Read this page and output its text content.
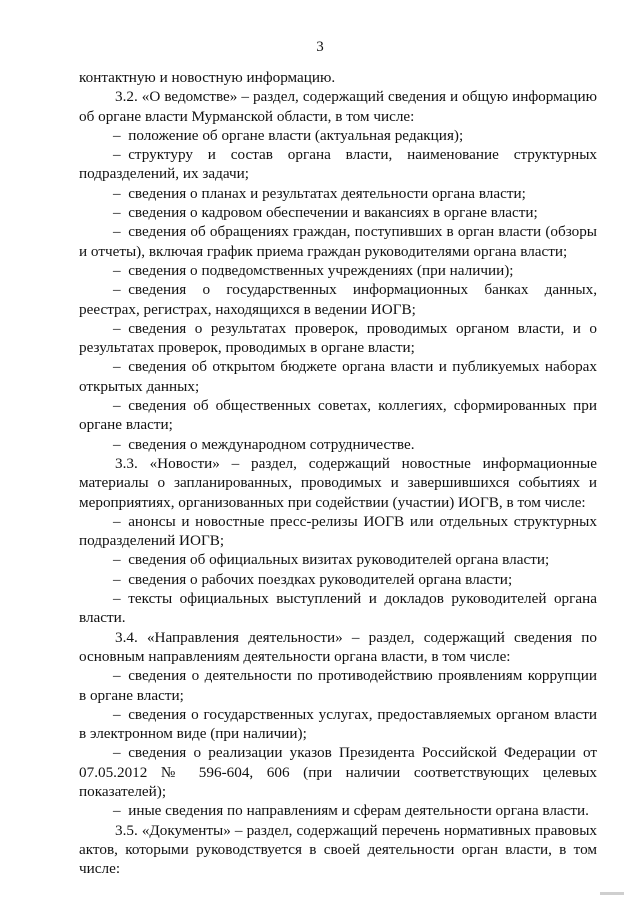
3

контактную и новостную информацию.

3.2. «О ведомстве» – раздел, содержащий сведения и общую информацию об органе власти Мурманской области, в том числе:

–  положение об органе власти (актуальная редакция);

–  структуру и состав органа власти, наименование структурных подразделений, их задачи;

–  сведения о планах и результатах деятельности органа власти;

–  сведения о кадровом обеспечении и вакансиях в органе власти;

–  сведения об обращениях граждан, поступивших в орган власти (обзоры и отчеты), включая график приема граждан руководителями органа власти;

–  сведения о подведомственных учреждениях (при наличии);

–  сведения о государственных информационных банках данных, реестрах, регистрах, находящихся в ведении ИОГВ;

–  сведения о результатах проверок, проводимых органом власти, и о результатах проверок, проводимых в органе власти;

–  сведения об открытом бюджете органа власти и публикуемых наборах открытых данных;

–  сведения об общественных советах, коллегиях, сформированных при органе власти;

–  сведения о международном сотрудничестве.

3.3. «Новости» – раздел, содержащий новостные информационные материалы о запланированных, проводимых и завершившихся событиях и мероприятиях, организованных при содействии (участии) ИОГВ, в том числе:

–  анонсы и новостные пресс-релизы ИОГВ или отдельных структурных подразделений ИОГВ;

–  сведения об официальных визитах руководителей органа власти;

–  сведения о рабочих поездках руководителей органа власти;

–  тексты официальных выступлений и докладов руководителей органа власти.

3.4. «Направления деятельности» – раздел, содержащий сведения по основным направлениям деятельности органа власти, в том числе:

–  сведения о деятельности по противодействию проявлениям коррупции в органе власти;

–  сведения о государственных услугах, предоставляемых органом власти в электронном виде (при наличии);

–  сведения о реализации указов Президента Российской Федерации от 07.05.2012 № 596-604, 606 (при наличии соответствующих целевых показателей);

–  иные сведения по направлениям и сферам деятельности органа власти.

3.5. «Документы» – раздел, содержащий перечень нормативных правовых актов, которыми руководствуется в своей деятельности орган власти, в том числе:
